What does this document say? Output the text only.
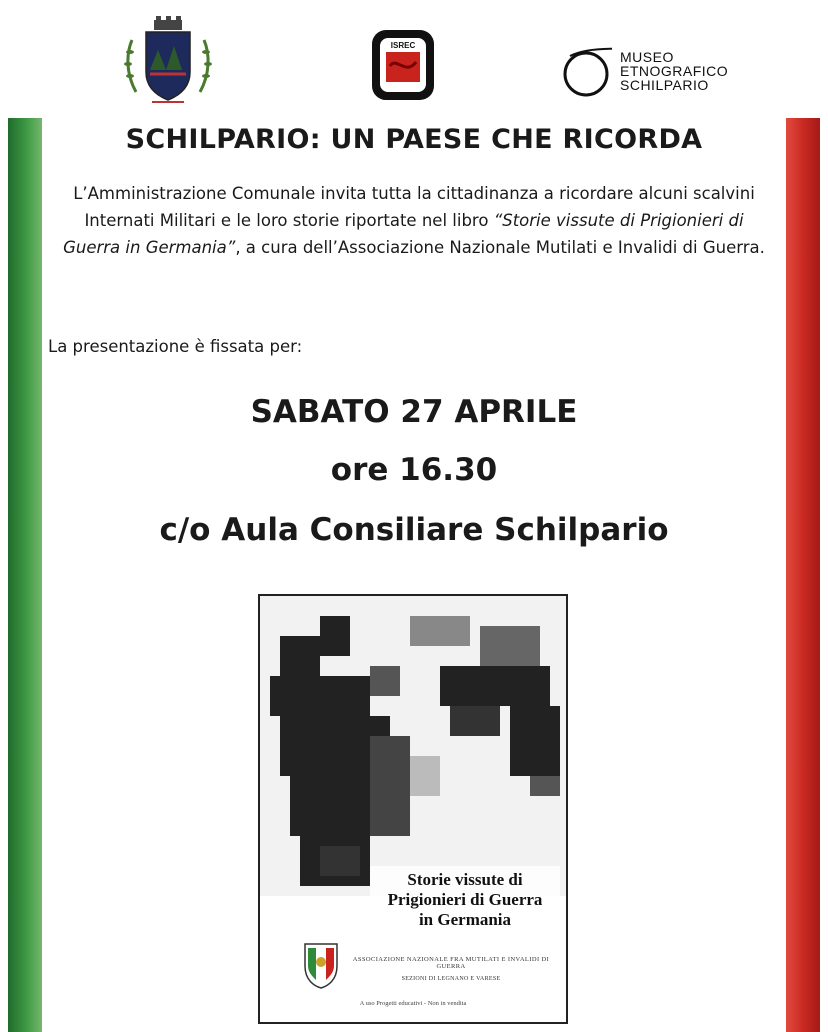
ISREC
MUSEO
ETNOGRAFICO
SCHILPARIO
SCHILPARIO: UN PAESE CHE RICORDA
L’Amministrazione Comunale invita tutta la cittadinanza a ricordare alcuni scalvini Internati Militari e le loro storie riportate nel libro “Storie vissute di Prigionieri di Guerra in Germania”, a cura dell’Associazione Nazionale Mutilati e Invalidi di Guerra.
La presentazione è fissata per:
SABATO 27 APRILE
ore 16.30
c/o Aula Consiliare Schilpario
Storie vissute di
Prigionieri di Guerra
in Germania
ASSOCIAZIONE NAZIONALE FRA MUTILATI E INVALIDI DI GUERRA
SEZIONI DI LEGNANO E VARESE
A uso Progetti educativi - Non in vendita
